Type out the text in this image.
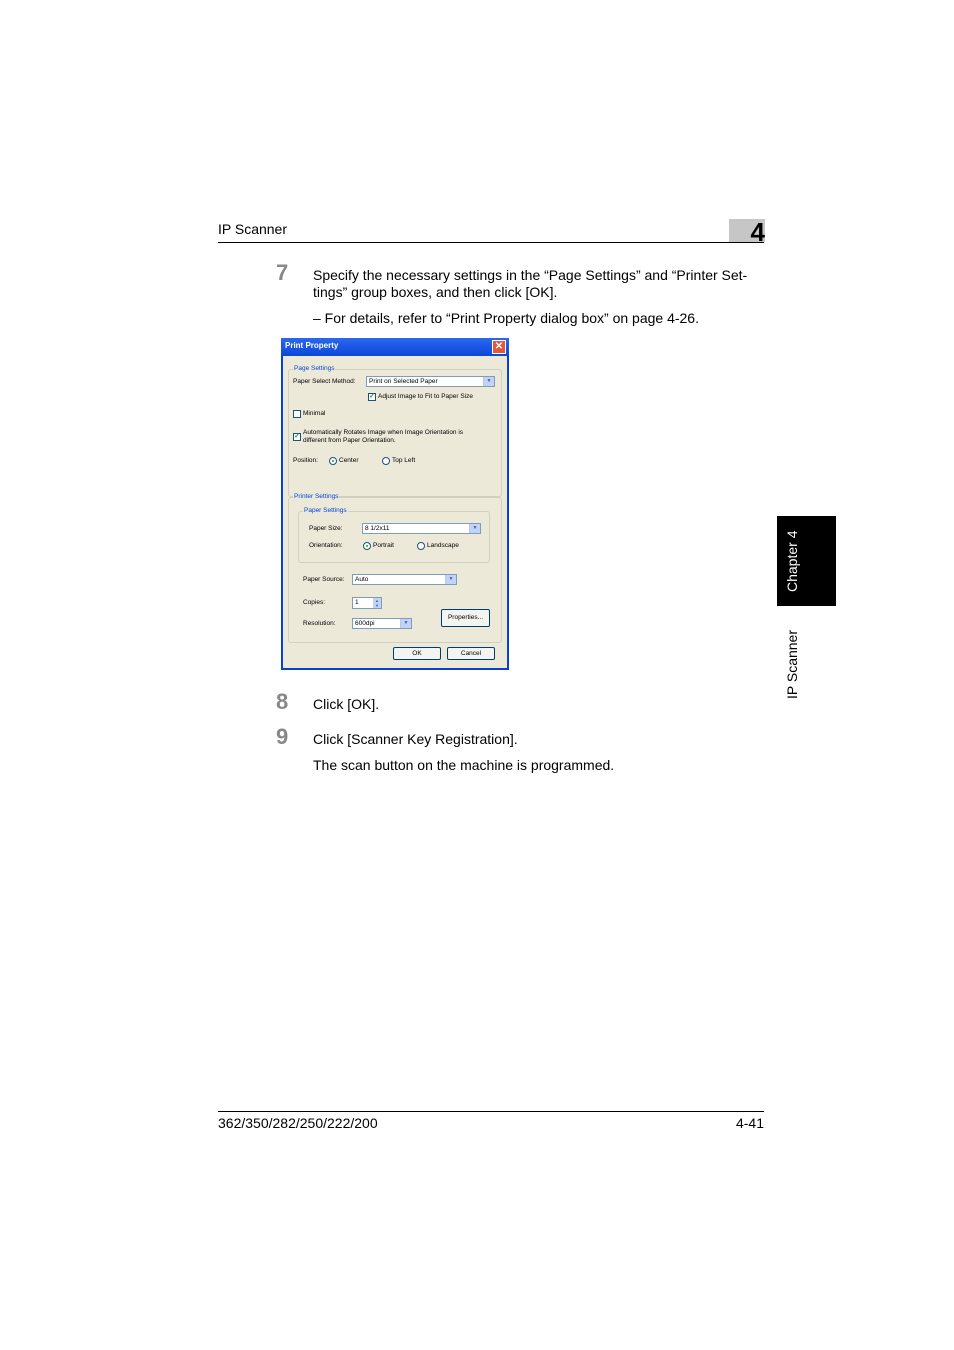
IP Scanner	4
Chapter 4
IP Scanner
7 Specify the necessary settings in the “Page Settings” and “Printer Set-tings” group boxes, and then click [OK].
– For details, refer to “Print Property dialog box” on page 4-26.
Print Property	✕
Page Settings
Paper Select Method: Print on Selected Paper	▼
✓ Adjust Image to Fit to Paper Size
Minimal
✓
Automatically Rotates Image when Image Orientation is
different from Paper Orientation.
Position:	Center	Top Left
Printer Settings
Paper Settings
Paper Size:	8 1/2x11	▼
Orientation:	Portrait	Landscape
Paper Source: Auto	▼
Copies:	1	▲
▼
Resolution:	600dpi	▼
Properties...
OK	Cancel
8 Click [OK].
9 Click [Scanner Key Registration].
The scan button on the machine is programmed.
362/350/282/250/222/200	4-41
